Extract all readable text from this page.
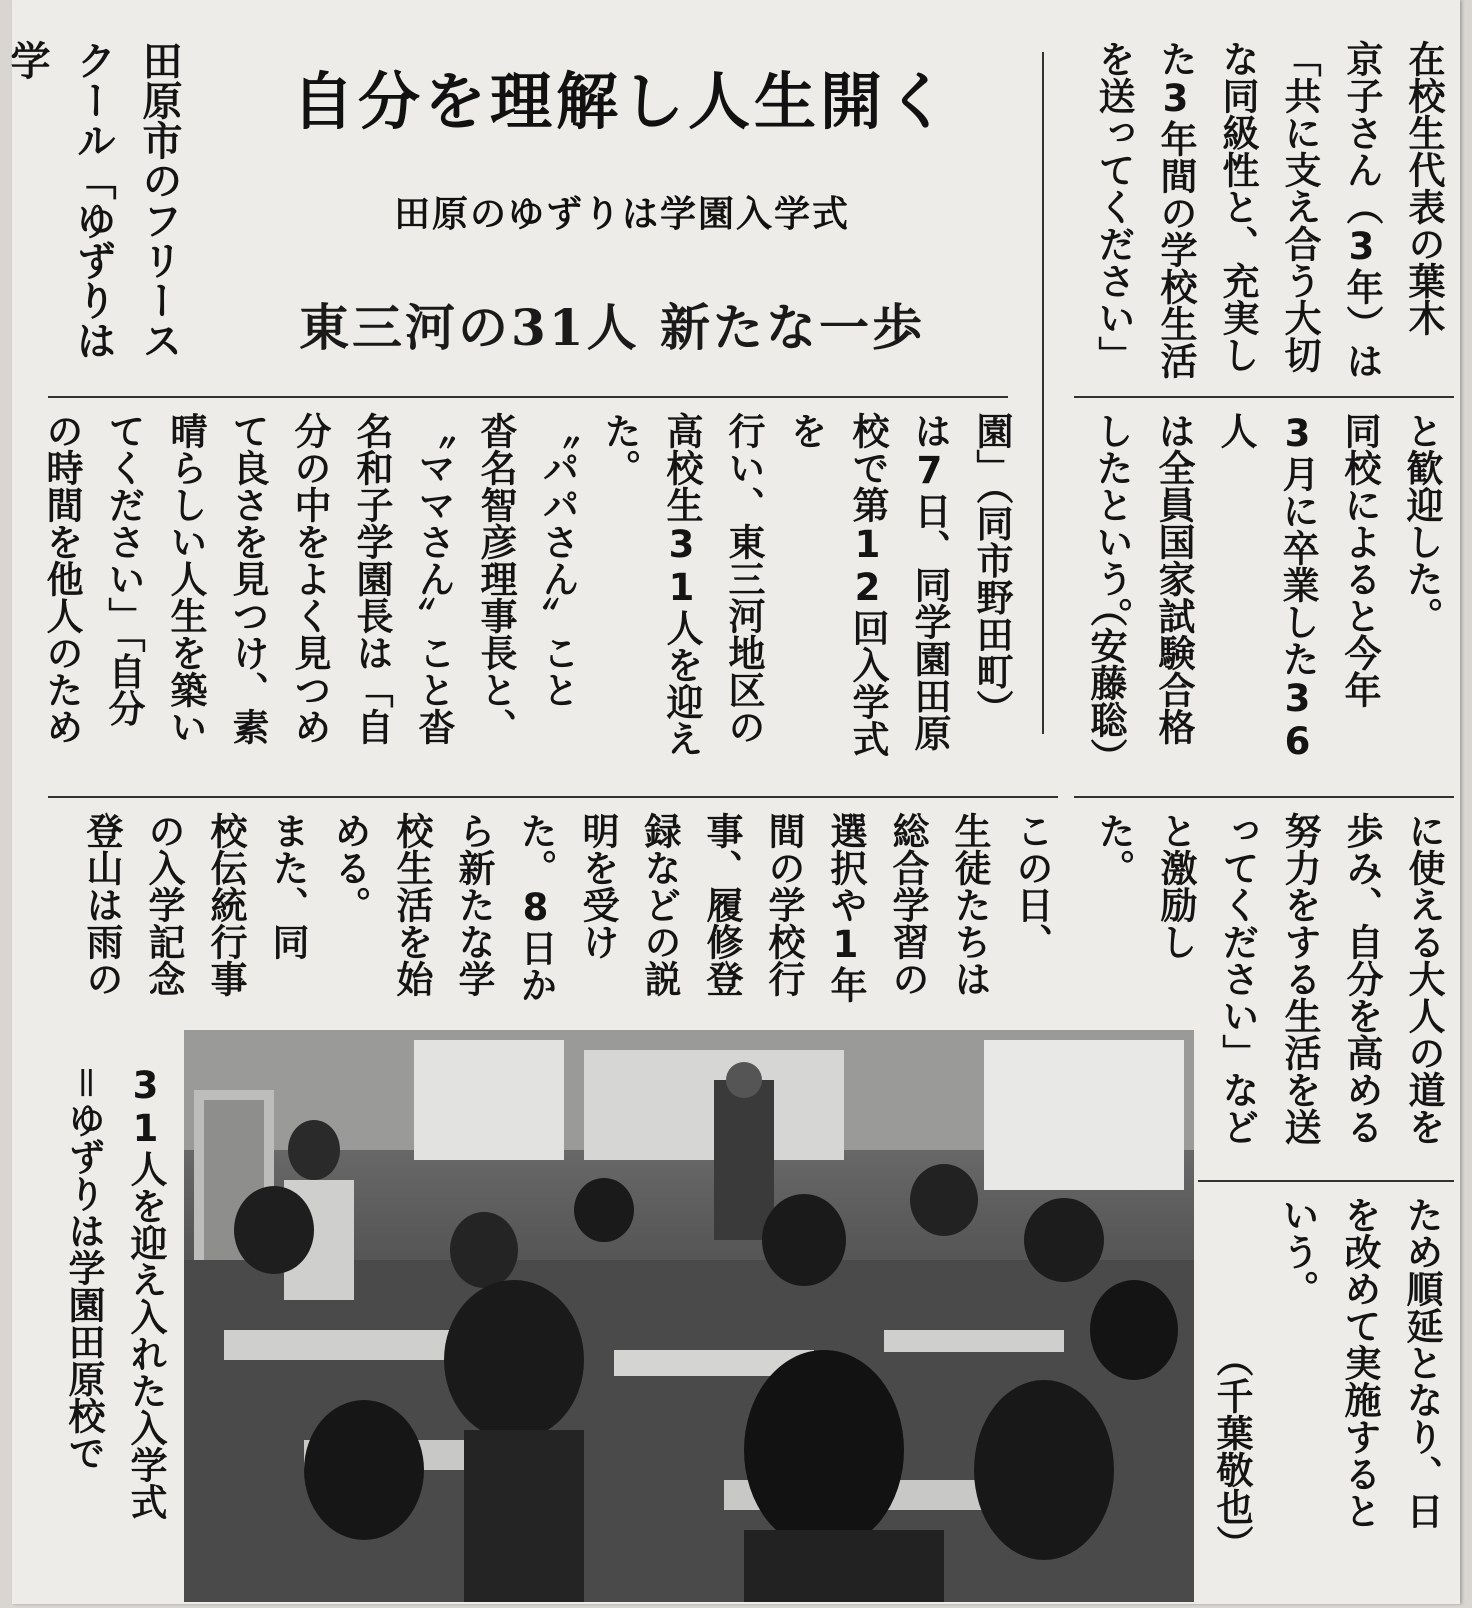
在校生代表の葉木
京子さん（3年）は
「共に支え合う大切
な同級性と、充実し
た3年間の学校生活
を送ってください」
と歓迎した。
同校によると今年
3月に卒業した36人
は全員国家試験合格
したという。
（安藤聡）
に使える大人の道を
歩み、自分を高める
努力をする生活を送
ってください」など
と激励し
た。
ため順延となり、日
を改めて実施すると
いう。
（千葉敬也）
自分を理解し人生開く
田原のゆずりは学園入学式
東三河の31人 新たな一歩
田原市のフリース
クール「ゆずりは学
園」（同市野田町）
は7日、同学園田原
校で第12回入学式を
行い、東三河地区の
高校生31人を迎え
た。
〝パパさん〟こと
沓名智彦理事長と、
〝ママさん〟こと沓
名和子学園長は「自
分の中をよく見つめ
て良さを見つけ、素
晴らしい人生を築い
てください」「自分
の時間を他人のため
この日、
生徒たちは
総合学習の
選択や1年
間の学校行
事、履修登
録などの説
明を受け
た。8日か
ら新たな学
校生活を始
める。
また、同
校伝統行事
の入学記念
登山は雨の
31人を迎え入れた入学式
＝ゆずりは学園田原校で
